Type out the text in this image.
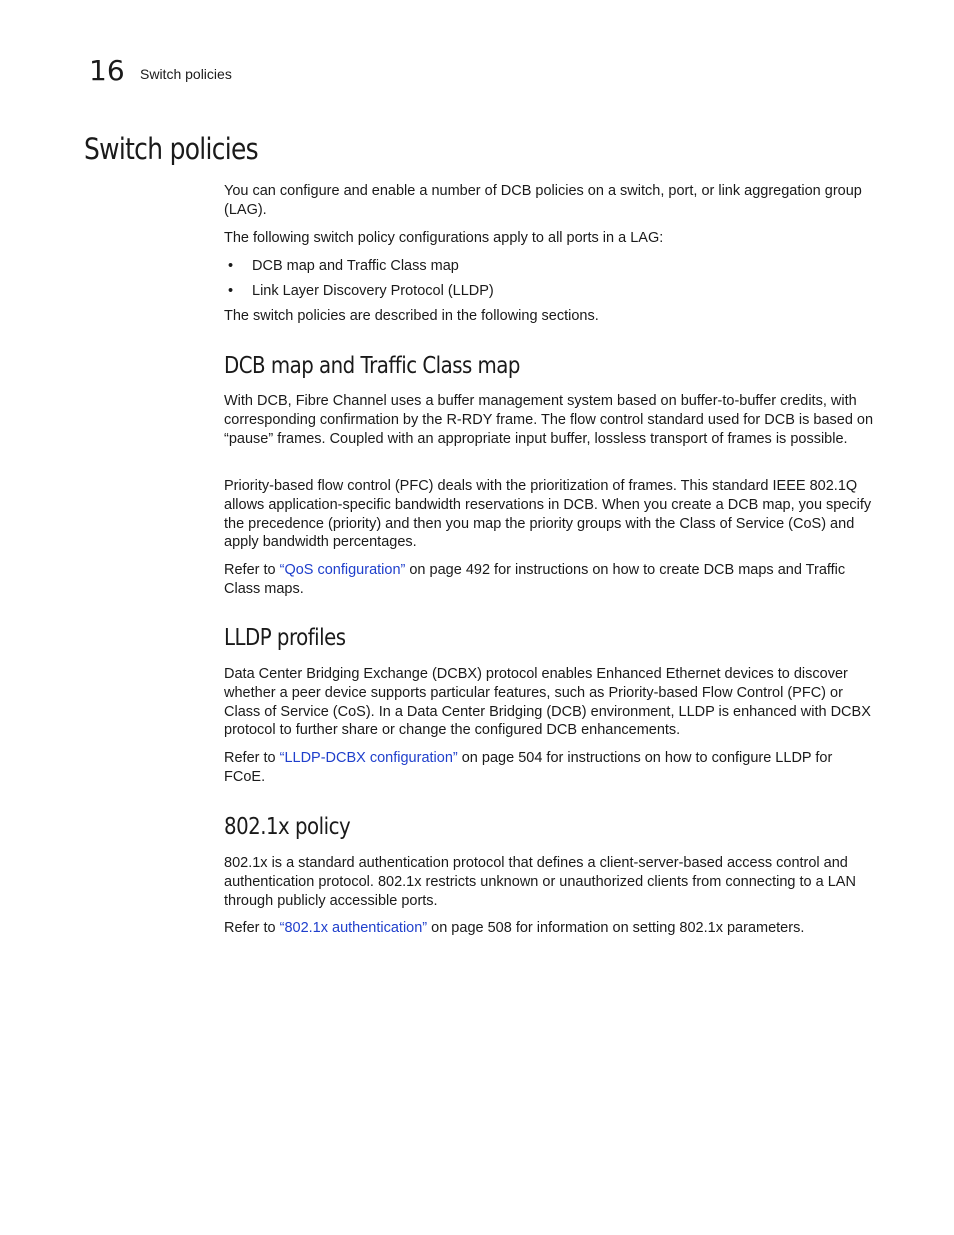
16 Switch policies
Switch policies

You can configure and enable a number of DCB policies on a switch, port, or link aggregation group (LAG).

The following switch policy configurations apply to all ports in a LAG:

• DCB map and Traffic Class map
• Link Layer Discovery Protocol (LLDP)

The switch policies are described in the following sections.

DCB map and Traffic Class map

With DCB, Fibre Channel uses a buffer management system based on buffer-to-buffer credits, with corresponding confirmation by the R-RDY frame. The flow control standard used for DCB is based on “pause” frames. Coupled with an appropriate input buffer, lossless transport of frames is possible.

Priority-based flow control (PFC) deals with the prioritization of frames. This standard IEEE 802.1Q allows application-specific bandwidth reservations in DCB. When you create a DCB map, you specify the precedence (priority) and then you map the priority groups with the Class of Service (CoS) and apply bandwidth percentages.

Refer to “QoS configuration” on page 492 for instructions on how to create DCB maps and Traffic Class maps.

LLDP profiles

Data Center Bridging Exchange (DCBX) protocol enables Enhanced Ethernet devices to discover whether a peer device supports particular features, such as Priority-based Flow Control (PFC) or Class of Service (CoS). In a Data Center Bridging (DCB) environment, LLDP is enhanced with DCBX protocol to further share or change the configured DCB enhancements.

Refer to “LLDP-DCBX configuration” on page 504 for instructions on how to configure LLDP for FCoE.

802.1x policy

802.1x is a standard authentication protocol that defines a client-server-based access control and authentication protocol. 802.1x restricts unknown or unauthorized clients from connecting to a LAN through publicly accessible ports.

Refer to “802.1x authentication” on page 508 for information on setting 802.1x parameters.
